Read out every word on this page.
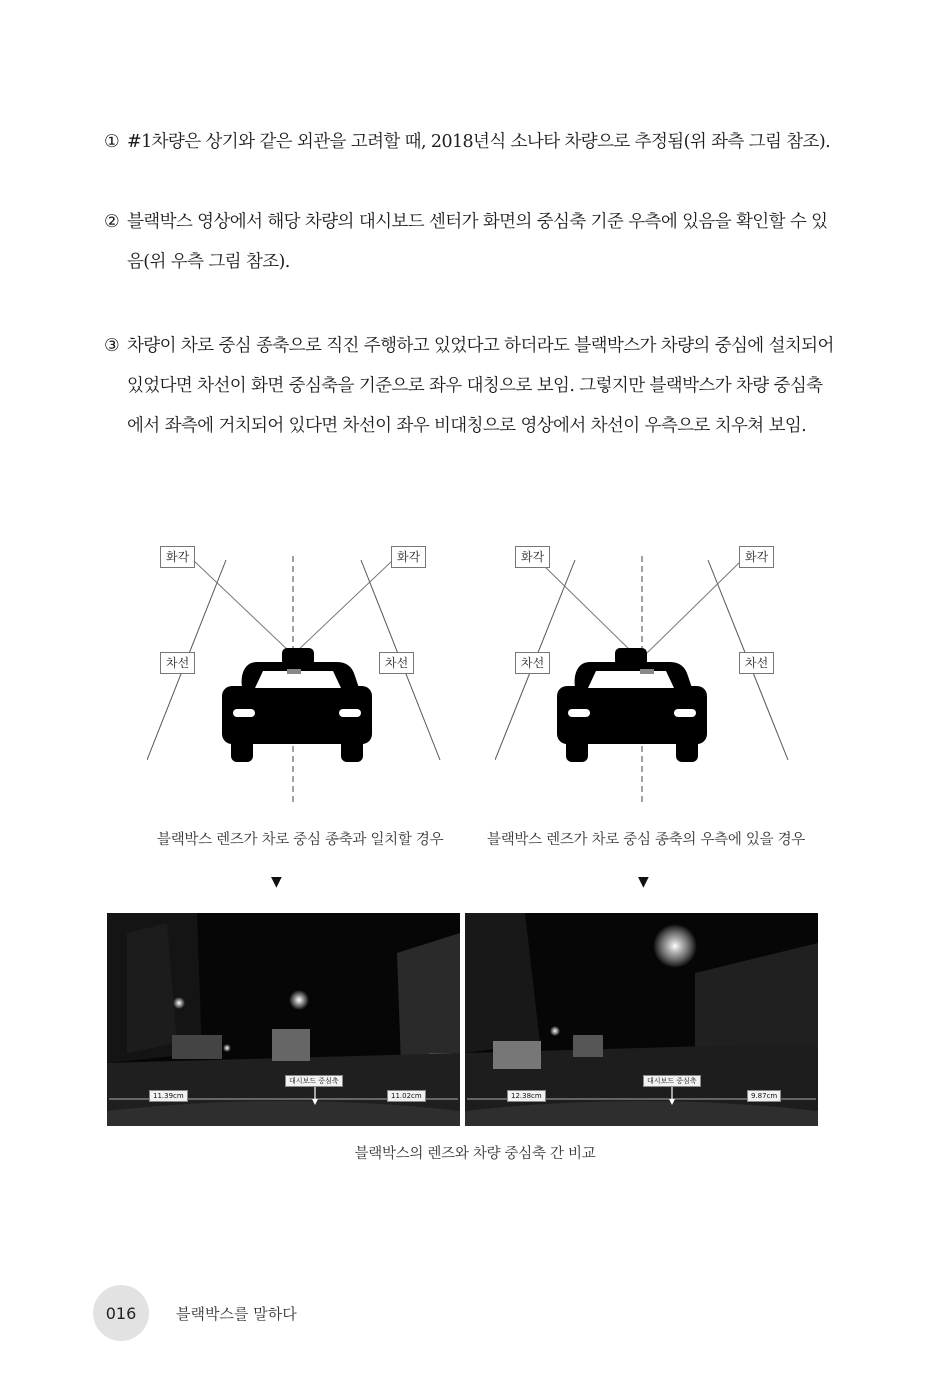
① #1차량은 상기와 같은 외관을 고려할 때, 2018년식 소나타 차량으로 추정됨(위 좌측 그림 참조).
② 블랙박스 영상에서 해당 차량의 대시보드 센터가 화면의 중심축 기준 우측에 있음을 확인할 수 있음(위 우측 그림 참조).
③ 차량이 차로 중심 종축으로 직진 주행하고 있었다고 하더라도 블랙박스가 차량의 중심에 설치되어 있었다면 차선이 화면 중심축을 기준으로 좌우 대칭으로 보임. 그렇지만 블랙박스가 차량 중심축에서 좌측에 거치되어 있다면 차선이 좌우 비대칭으로 영상에서 차선이 우측으로 치우쳐 보임.
화각	화각
차선	차선
화각	화각
차선	차선
블랙박스 렌즈가 차로 중심 종축과 일치할 경우	블랙박스 렌즈가 차로 중심 종축의 우측에 있을 경우
▼	▼
대시보드 중심축
11.39cm	11.02cm
대시보드 중심축
12.38cm	9.87cm
블랙박스의 렌즈와 차량 중심축 간 비교
016	블랙박스를 말하다
